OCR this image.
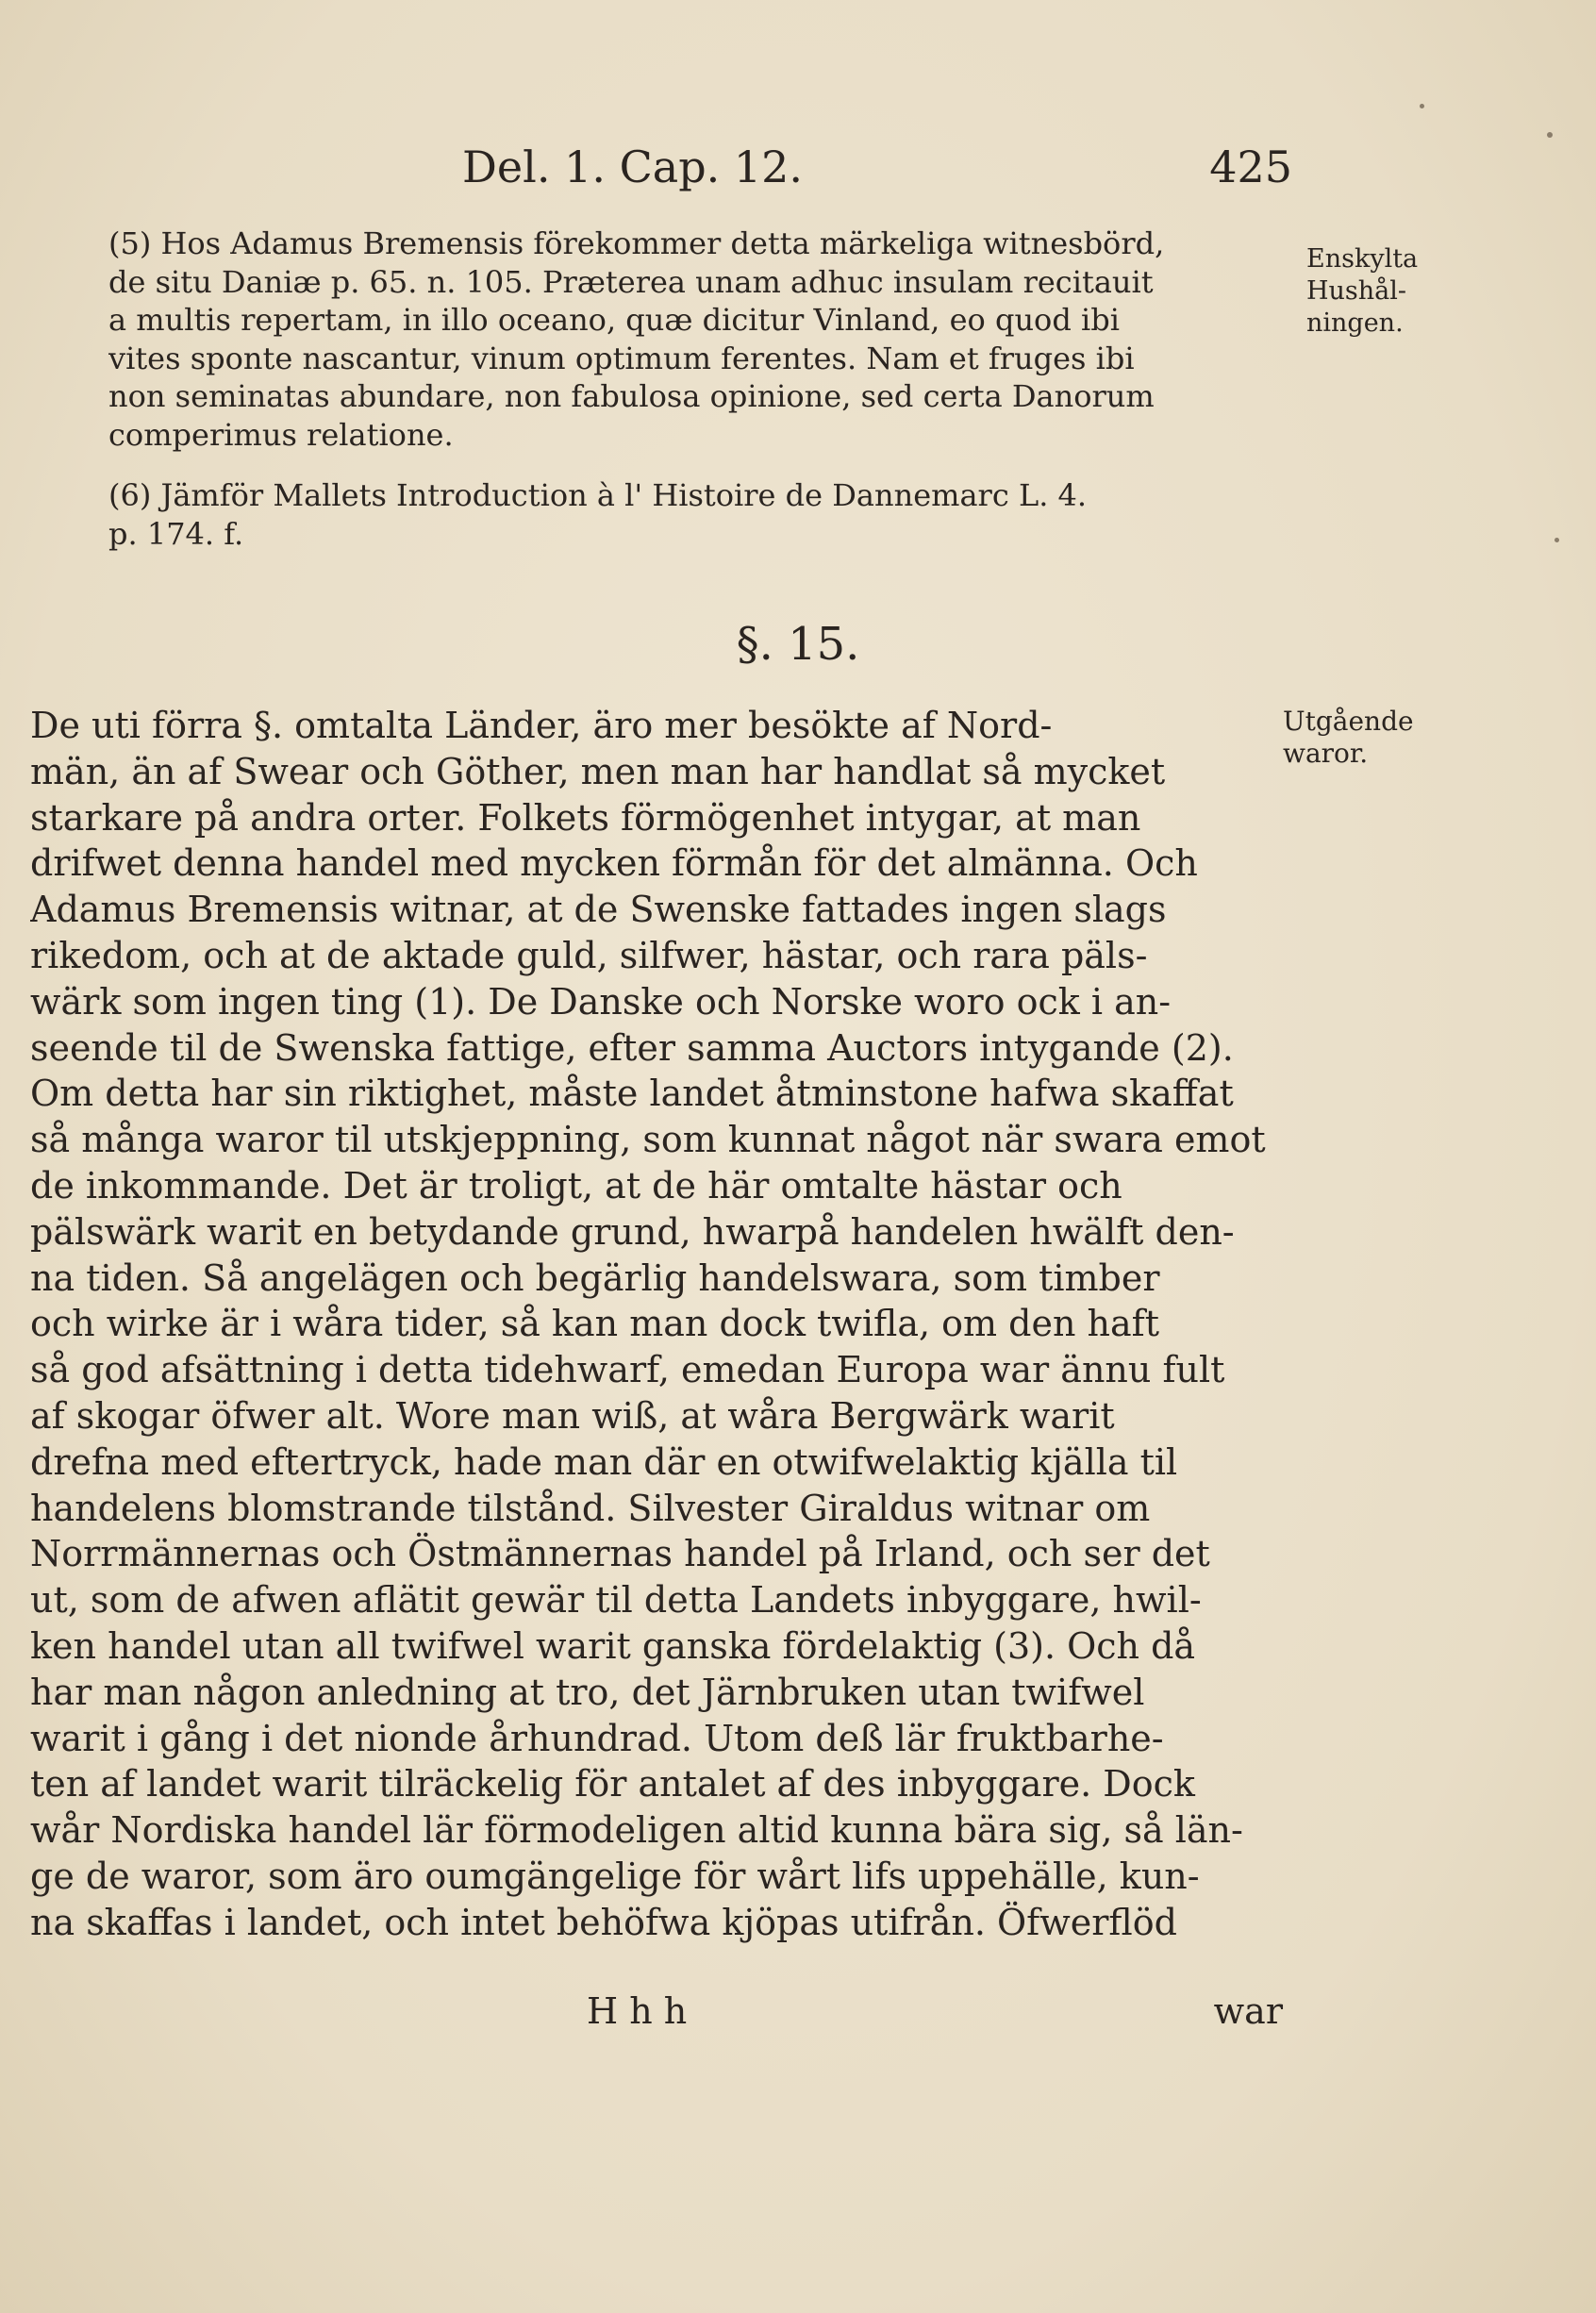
Del. 1. Cap. 12.	425
(5) Hos Adamus Bremensis förekommer detta märkeliga witnesbörd,
de situ Daniæ p. 65. n. 105. Præterea unam adhuc insulam recitauit
a multis repertam, in illo oceano, quæ dicitur Vinland, eo quod ibi
vites sponte nascantur, vinum optimum ferentes. Nam et fruges ibi
non seminatas abundare, non fabulosa opinione, sed certa Danorum
comperimus relatione.
(6) Jämför Mallets Introduction à l' Histoire de Dannemarc L. 4.
p. 174. f.
Enskylta
Hushål-
ningen.
§. 15.
Utgående
waror.
De uti förra §. omtalta Länder, äro mer besökte af Nord-
män, än af Swear och Göther, men man har handlat så mycket
starkare på andra orter. Folkets förmögenhet intygar, at man
drifwet denna handel med mycken förmån för det almänna. Och
Adamus Bremensis witnar, at de Swenske fattades ingen slags
rikedom, och at de aktade guld, silfwer, hästar, och rara päls-
wärk som ingen ting (1). De Danske och Norske woro ock i an-
seende til de Swenska fattige, efter samma Auctors intygande (2).
Om detta har sin riktighet, måste landet åtminstone hafwa skaffat
så många waror til utskjeppning, som kunnat något när swara emot
de inkommande. Det är troligt, at de här omtalte hästar och
pälswärk warit en betydande grund, hwarpå handelen hwälft den-
na tiden. Så angelägen och begärlig handelswara, som timber
och wirke är i wåra tider, så kan man dock twifla, om den haft
så god afsättning i detta tidehwarf, emedan Europa war ännu fult
af skogar öfwer alt. Wore man wiß, at wåra Bergwärk warit
drefna med eftertryck, hade man där en otwifwelaktig kjälla til
handelens blomstrande tilstånd. Silvester Giraldus witnar om
Norrmännernas och Östmännernas handel på Irland, och ser det
ut, som de afwen aflätit gewär til detta Landets inbyggare, hwil-
ken handel utan all twifwel warit ganska fördelaktig (3). Och då
har man någon anledning at tro, det Järnbruken utan twifwel
warit i gång i det nionde århundrad. Utom deß lär fruktbarhe-
ten af landet warit tilräckelig för antalet af des inbyggare. Dock
wår Nordiska handel lär förmodeligen altid kunna bära sig, så län-
ge de waror, som äro oumgängelige för wårt lifs uppehälle, kun-
na skaffas i landet, och intet behöfwa kjöpas utifrån. Öfwerflöd
H h h	war
